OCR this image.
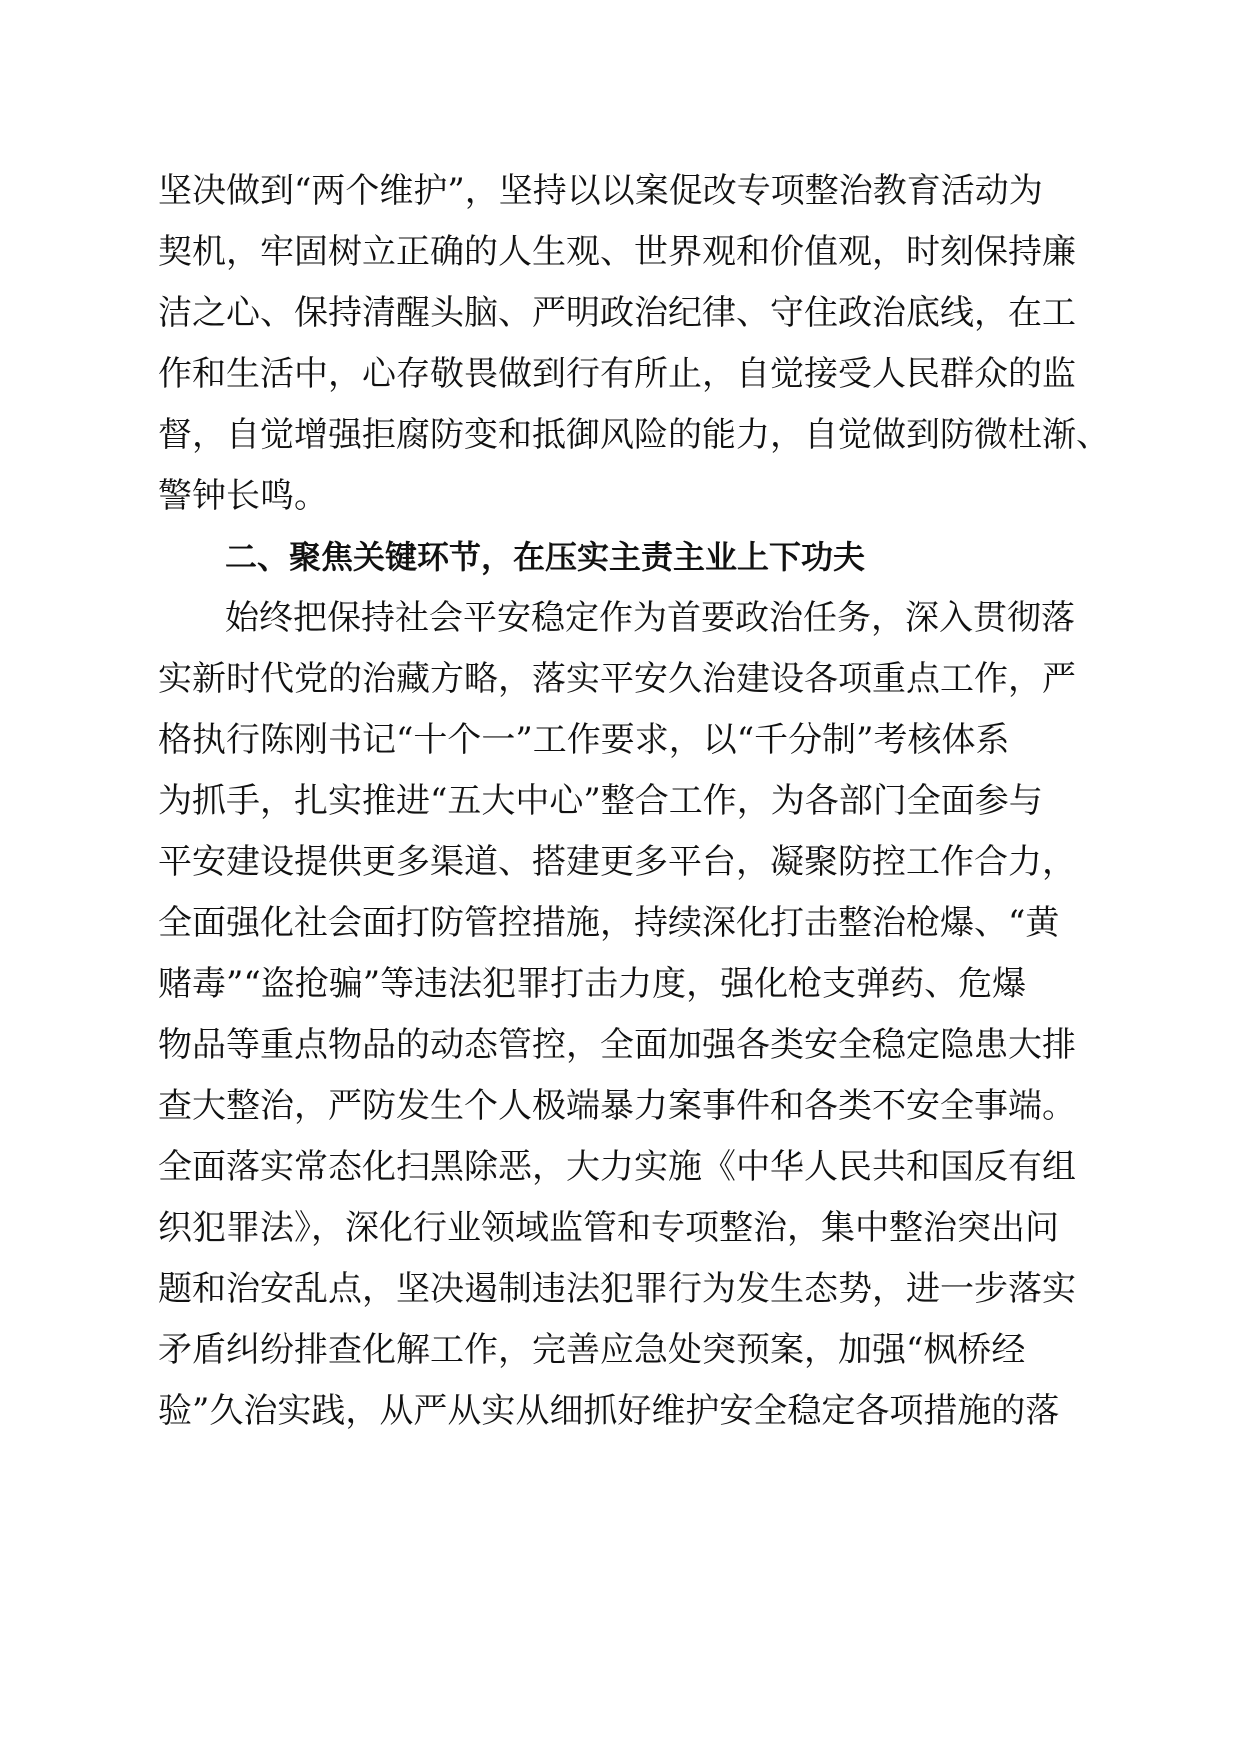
坚决做到“两个维护”，坚持以以案促改专项整治教育活动为
契机，牢固树立正确的人生观、世界观和价值观，时刻保持廉
洁之心、保持清醒头脑、严明政治纪律、守住政治底线，在工
作和生活中，心存敬畏做到行有所止，自觉接受人民群众的监
督，自觉增强拒腐防变和抵御风险的能力，自觉做到防微杜渐、
警钟长鸣。
二、聚焦关键环节，在压实主责主业上下功夫
始终把保持社会平安稳定作为首要政治任务，深入贯彻落
实新时代党的治藏方略，落实平安久治建设各项重点工作，严
格执行陈刚书记“十个一”工作要求，以“千分制”考核体系
为抓手，扎实推进“五大中心”整合工作，为各部门全面参与
平安建设提供更多渠道、搭建更多平台，凝聚防控工作合力，
全面强化社会面打防管控措施，持续深化打击整治枪爆、“黄
赌毒”“盗抢骗”等违法犯罪打击力度，强化枪支弹药、危爆
物品等重点物品的动态管控，全面加强各类安全稳定隐患大排
查大整治，严防发生个人极端暴力案事件和各类不安全事端。
全面落实常态化扫黑除恶，大力实施《中华人民共和国反有组
织犯罪法》，深化行业领域监管和专项整治，集中整治突出问
题和治安乱点，坚决遏制违法犯罪行为发生态势，进一步落实
矛盾纠纷排查化解工作，完善应急处突预案，加强“枫桥经
验”久治实践，从严从实从细抓好维护安全稳定各项措施的落
